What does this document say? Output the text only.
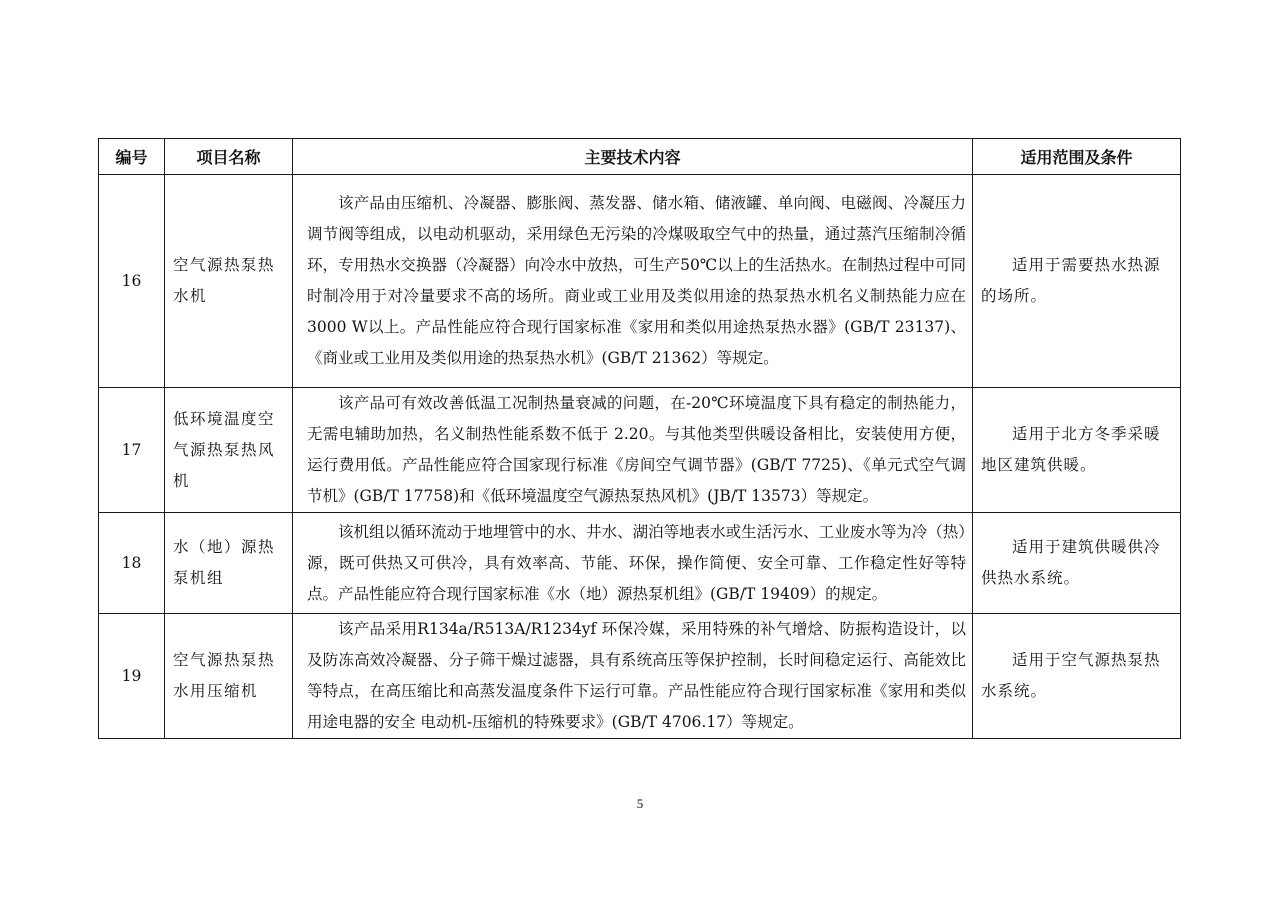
编号	项目名称	主要技术内容	适用范围及条件
16	空气源热泵热水机	该产品由压缩机、冷凝器、膨胀阀、蒸发器、储水箱、储液罐、单向阀、电磁阀、冷凝压力调节阀等组成，以电动机驱动，采用绿色无污染的冷煤吸取空气中的热量，通过蒸汽压缩制冷循环，专用热水交换器（冷凝器）向冷水中放热，可生产50℃以上的生活热水。在制热过程中可同时制冷用于对冷量要求不高的场所。商业或工业用及类似用途的热泵热水机名义制热能力应在3000 W以上。产品性能应符合现行国家标准《家用和类似用途热泵热水器》(GB/T 23137)、《商业或工业用及类似用途的热泵热水机》(GB/T 21362）等规定。	适用于需要热水热源的场所。
17	低环境温度空气源热泵热风机	该产品可有效改善低温工况制热量衰减的问题，在-20℃环境温度下具有稳定的制热能力，无需电辅助加热，名义制热性能系数不低于 2.20。与其他类型供暖设备相比，安装使用方便，运行费用低。产品性能应符合国家现行标准《房间空气调节器》(GB/T 7725)、《单元式空气调节机》(GB/T 17758)和《低环境温度空气源热泵热风机》(JB/T 13573）等规定。	适用于北方冬季采暖地区建筑供暖。
18	水（地）源热泵机组	该机组以循环流动于地埋管中的水、井水、湖泊等地表水或生活污水、工业废水等为冷（热）源，既可供热又可供冷，具有效率高、节能、环保，操作简便、安全可靠、工作稳定性好等特点。产品性能应符合现行国家标准《水（地）源热泵机组》(GB/T 19409）的规定。	适用于建筑供暖供冷供热水系统。
19	空气源热泵热水用压缩机	该产品采用R134a/R513A/R1234yf 环保冷媒，采用特殊的补气增焓、防振构造设计，以及防冻高效冷凝器、分子筛干燥过滤器，具有系统高压等保护控制，长时间稳定运行、高能效比等特点，在高压缩比和高蒸发温度条件下运行可靠。产品性能应符合现行国家标准《家用和类似用途电器的安全 电动机-压缩机的特殊要求》(GB/T 4706.17）等规定。	适用于空气源热泵热水系统。
5
